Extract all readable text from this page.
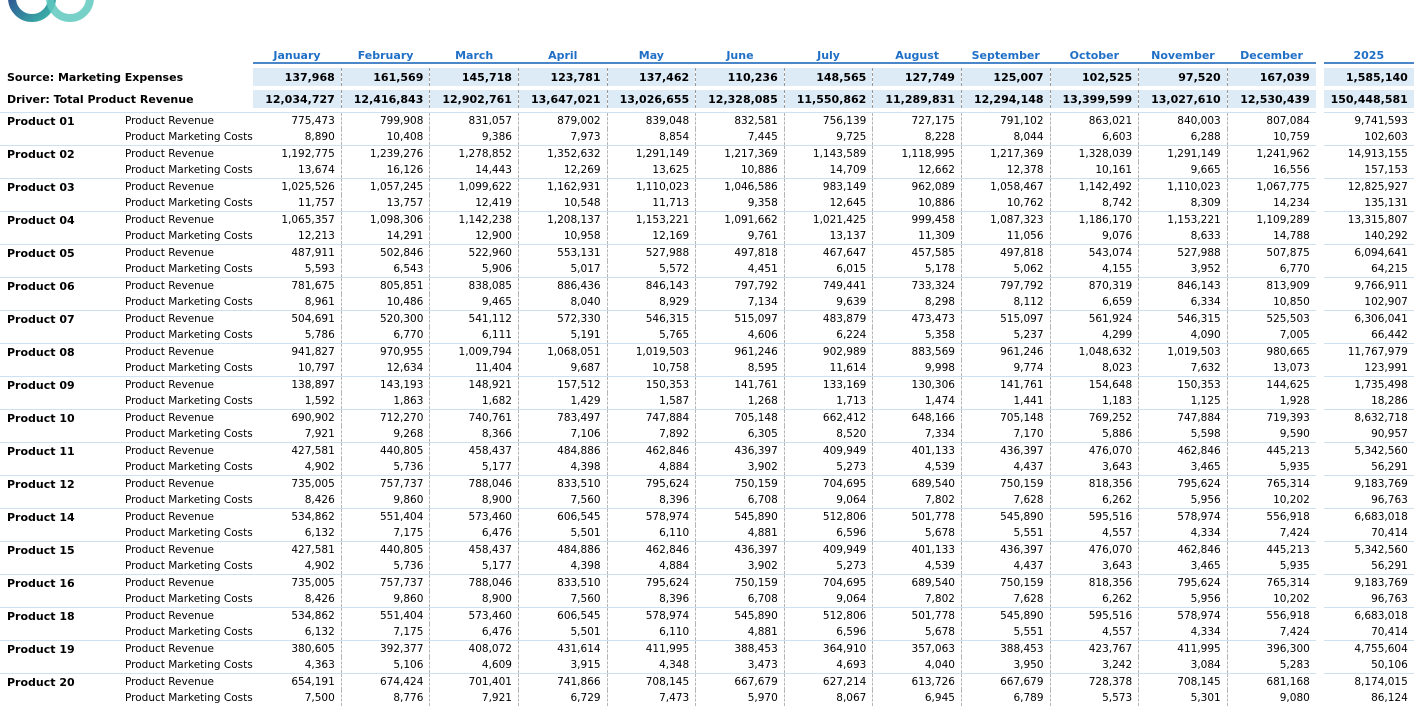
		January	February	March	April	May	June	July	August	September	October	November	December		2025

Source: Marketing Expenses		137,968	161,569	145,718	123,781	137,462	110,236	148,565	127,749	125,007	102,525	97,520	167,039		1,585,140

Driver: Total Product Revenue		12,034,727	12,416,843	12,902,761	13,647,021	13,026,655	12,328,085	11,550,862	11,289,831	12,294,148	13,399,599	13,027,610	12,530,439		150,448,581

Product 01	Product Revenue	775,473	799,908	831,057	879,002	839,048	832,581	756,139	727,175	791,102	863,021	840,003	807,084		9,741,593
	Product Marketing Costs	8,890	10,408	9,386	7,973	8,854	7,445	9,725	8,228	8,044	6,603	6,288	10,759		102,603
Product 02	Product Revenue	1,192,775	1,239,276	1,278,852	1,352,632	1,291,149	1,217,369	1,143,589	1,118,995	1,217,369	1,328,039	1,291,149	1,241,962		14,913,155
	Product Marketing Costs	13,674	16,126	14,443	12,269	13,625	10,886	14,709	12,662	12,378	10,161	9,665	16,556		157,153
Product 03	Product Revenue	1,025,526	1,057,245	1,099,622	1,162,931	1,110,023	1,046,586	983,149	962,089	1,058,467	1,142,492	1,110,023	1,067,775		12,825,927
	Product Marketing Costs	11,757	13,757	12,419	10,548	11,713	9,358	12,645	10,886	10,762	8,742	8,309	14,234		135,131
Product 04	Product Revenue	1,065,357	1,098,306	1,142,238	1,208,137	1,153,221	1,091,662	1,021,425	999,458	1,087,323	1,186,170	1,153,221	1,109,289		13,315,807
	Product Marketing Costs	12,213	14,291	12,900	10,958	12,169	9,761	13,137	11,309	11,056	9,076	8,633	14,788		140,292
Product 05	Product Revenue	487,911	502,846	522,960	553,131	527,988	497,818	467,647	457,585	497,818	543,074	527,988	507,875		6,094,641
	Product Marketing Costs	5,593	6,543	5,906	5,017	5,572	4,451	6,015	5,178	5,062	4,155	3,952	6,770		64,215
Product 06	Product Revenue	781,675	805,851	838,085	886,436	846,143	797,792	749,441	733,324	797,792	870,319	846,143	813,909		9,766,911
	Product Marketing Costs	8,961	10,486	9,465	8,040	8,929	7,134	9,639	8,298	8,112	6,659	6,334	10,850		102,907
Product 07	Product Revenue	504,691	520,300	541,112	572,330	546,315	515,097	483,879	473,473	515,097	561,924	546,315	525,503		6,306,041
	Product Marketing Costs	5,786	6,770	6,111	5,191	5,765	4,606	6,224	5,358	5,237	4,299	4,090	7,005		66,442
Product 08	Product Revenue	941,827	970,955	1,009,794	1,068,051	1,019,503	961,246	902,989	883,569	961,246	1,048,632	1,019,503	980,665		11,767,979
	Product Marketing Costs	10,797	12,634	11,404	9,687	10,758	8,595	11,614	9,998	9,774	8,023	7,632	13,073		123,991
Product 09	Product Revenue	138,897	143,193	148,921	157,512	150,353	141,761	133,169	130,306	141,761	154,648	150,353	144,625		1,735,498
	Product Marketing Costs	1,592	1,863	1,682	1,429	1,587	1,268	1,713	1,474	1,441	1,183	1,125	1,928		18,286
Product 10	Product Revenue	690,902	712,270	740,761	783,497	747,884	705,148	662,412	648,166	705,148	769,252	747,884	719,393		8,632,718
	Product Marketing Costs	7,921	9,268	8,366	7,106	7,892	6,305	8,520	7,334	7,170	5,886	5,598	9,590		90,957
Product 11	Product Revenue	427,581	440,805	458,437	484,886	462,846	436,397	409,949	401,133	436,397	476,070	462,846	445,213		5,342,560
	Product Marketing Costs	4,902	5,736	5,177	4,398	4,884	3,902	5,273	4,539	4,437	3,643	3,465	5,935		56,291
Product 12	Product Revenue	735,005	757,737	788,046	833,510	795,624	750,159	704,695	689,540	750,159	818,356	795,624	765,314		9,183,769
	Product Marketing Costs	8,426	9,860	8,900	7,560	8,396	6,708	9,064	7,802	7,628	6,262	5,956	10,202		96,763
Product 14	Product Revenue	534,862	551,404	573,460	606,545	578,974	545,890	512,806	501,778	545,890	595,516	578,974	556,918		6,683,018
	Product Marketing Costs	6,132	7,175	6,476	5,501	6,110	4,881	6,596	5,678	5,551	4,557	4,334	7,424		70,414
Product 15	Product Revenue	427,581	440,805	458,437	484,886	462,846	436,397	409,949	401,133	436,397	476,070	462,846	445,213		5,342,560
	Product Marketing Costs	4,902	5,736	5,177	4,398	4,884	3,902	5,273	4,539	4,437	3,643	3,465	5,935		56,291
Product 16	Product Revenue	735,005	757,737	788,046	833,510	795,624	750,159	704,695	689,540	750,159	818,356	795,624	765,314		9,183,769
	Product Marketing Costs	8,426	9,860	8,900	7,560	8,396	6,708	9,064	7,802	7,628	6,262	5,956	10,202		96,763
Product 18	Product Revenue	534,862	551,404	573,460	606,545	578,974	545,890	512,806	501,778	545,890	595,516	578,974	556,918		6,683,018
	Product Marketing Costs	6,132	7,175	6,476	5,501	6,110	4,881	6,596	5,678	5,551	4,557	4,334	7,424		70,414
Product 19	Product Revenue	380,605	392,377	408,072	431,614	411,995	388,453	364,910	357,063	388,453	423,767	411,995	396,300		4,755,604
	Product Marketing Costs	4,363	5,106	4,609	3,915	4,348	3,473	4,693	4,040	3,950	3,242	3,084	5,283		50,106
Product 20	Product Revenue	654,191	674,424	701,401	741,866	708,145	667,679	627,214	613,726	667,679	728,378	708,145	681,168		8,174,015
	Product Marketing Costs	7,500	8,776	7,921	6,729	7,473	5,970	8,067	6,945	6,789	5,573	5,301	9,080		86,124
